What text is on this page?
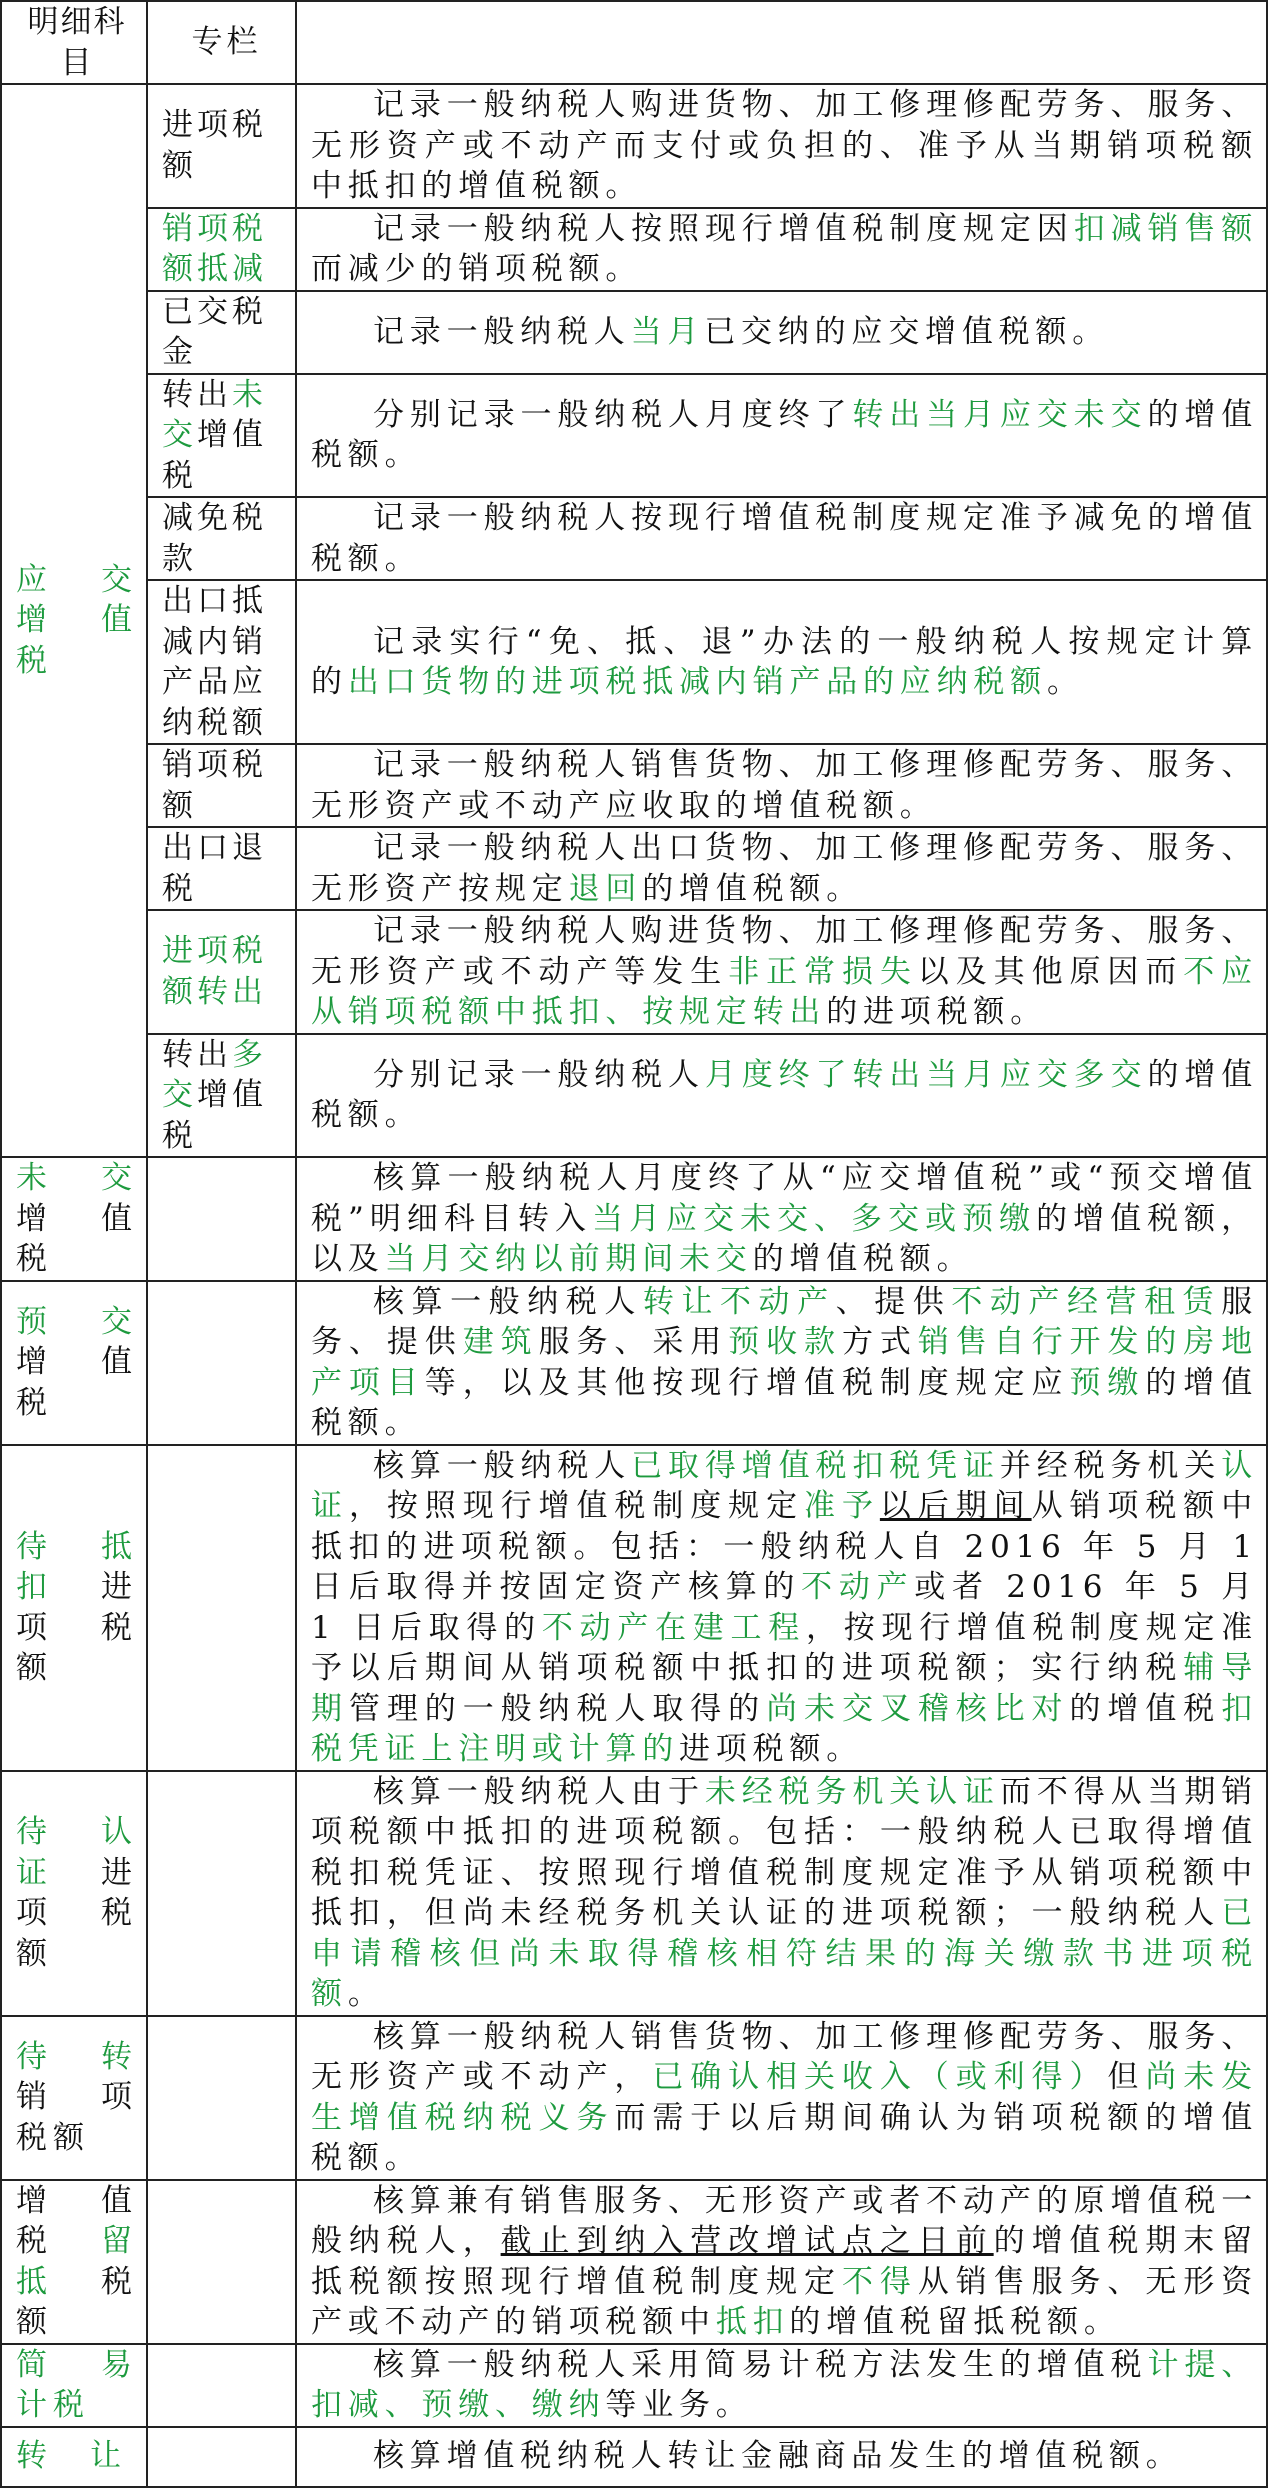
明细科目	专栏	
应　交增　值税	进项税额	记录一般纳税人购进货物、加工修理修配劳务、服务、无形资产或不动产而支付或负担的、准予从当期销项税额中抵扣的增值税额。

	销项税额抵减	记录一般纳税人按照现行增值税制度规定因扣减销售额而减少的销项税额。

	已交税金	记录一般纳税人当月已交纳的应交增值税额。

	转出未交增值税	分别记录一般纳税人月度终了转出当月应交未交的增值税额。

	减免税款	记录一般纳税人按现行增值税制度规定准予减免的增值税额。

	出口抵减内销产品应纳税额	记录实行“免、抵、退”办法的一般纳税人按规定计算的出口货物的进项税抵减内销产品的应纳税额。

	销项税额	记录一般纳税人销售货物、加工修理修配劳务、服务、无形资产或不动产应收取的增值税额。

	出口退税	记录一般纳税人出口货物、加工修理修配劳务、服务、无形资产按规定退回的增值税额。

	进项税额转出	记录一般纳税人购进货物、加工修理修配劳务、服务、无形资产或不动产等发生非正常损失以及其他原因而不应从销项税额中抵扣、按规定转出的进项税额。

	转出多交增值税	分别记录一般纳税人月度终了转出当月应交多交的增值税额。

未　交增　值税		核算一般纳税人月度终了从“应交增值税”或“预交增值税”明细科目转入当月应交未交、多交或预缴的增值税额，以及当月交纳以前期间未交的增值税额。

预　交增　值税		核算一般纳税人转让不动产、提供不动产经营租赁服务、提供建筑服务、采用预收款方式销售自行开发的房地产项目等，以及其他按现行增值税制度规定应预缴的增值税额。

待　抵扣　进项　税额		核算一般纳税人已取得增值税扣税凭证并经税务机关认证，按照现行增值税制度规定准予以后期间从销项税额中抵扣的进项税额。包括：一般纳税人自 2016 年 5 月 1 日后取得并按固定资产核算的不动产或者 2016 年 5 月 1 日后取得的不动产在建工程，按现行增值税制度规定准予以后期间从销项税额中抵扣的进项税额；实行纳税辅导期管理的一般纳税人取得的尚未交叉稽核比对的增值税扣税凭证上注明或计算的进项税额。

待　认证　进项　税额		核算一般纳税人由于未经税务机关认证而不得从当期销项税额中抵扣的进项税额。包括：一般纳税人已取得增值税扣税凭证、按照现行增值税制度规定准予从销项税额中抵扣，但尚未经税务机关认证的进项税额；一般纳税人已申请稽核但尚未取得稽核相符结果的海关缴款书进项税额。

待　转销　项税额		核算一般纳税人销售货物、加工修理修配劳务、服务、无形资产或不动产，已确认相关收入（或利得）但尚未发生增值税纳税义务而需于以后期间确认为销项税额的增值税额。

增　值税　留抵　税额		核算兼有销售服务、无形资产或者不动产的原增值税一般纳税人，截止到纳入营改增试点之日前的增值税期末留抵税额按照现行增值税制度规定不得从销售服务、无形资产或不动产的销项税额中抵扣的增值税留抵税额。

简　易计税		核算一般纳税人采用简易计税方法发生的增值税计提、扣减、预缴、缴纳等业务。

转　让		核算增值税纳税人转让金融商品发生的增值税额。
